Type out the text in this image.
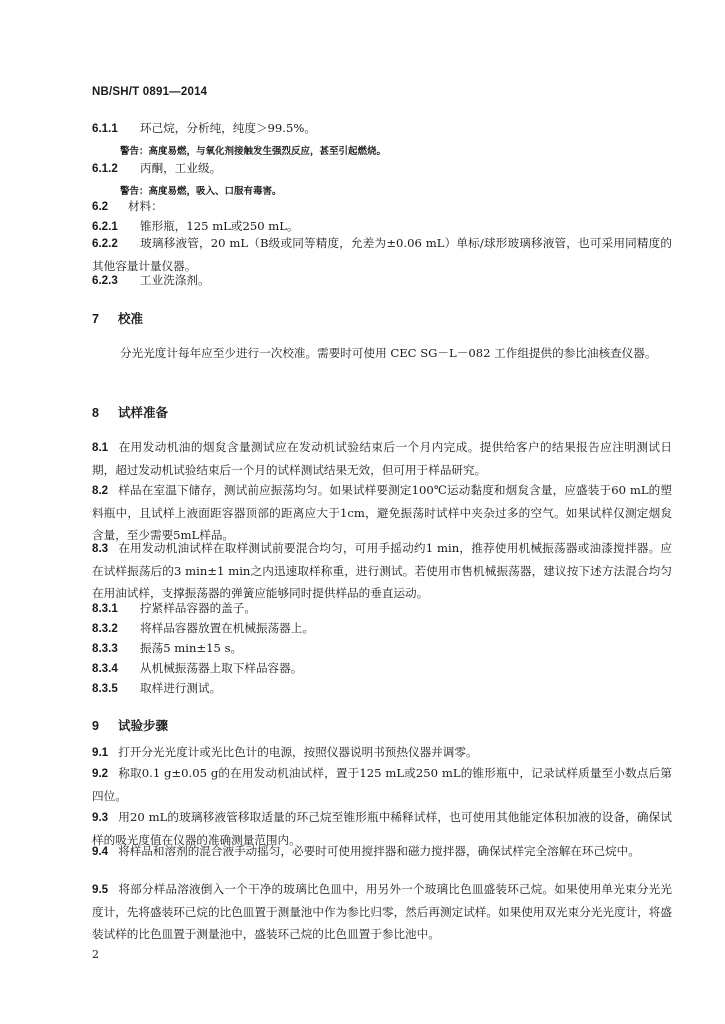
NB/SH/T 0891—2014
6.1.1 环己烷，分析纯，纯度＞99.5%。
警告：高度易燃，与氧化剂接触发生强烈反应，甚至引起燃烧。
6.1.2 丙酮，工业级。
警告：高度易燃，吸入、口服有毒害。
6.2 材料：
6.2.1 锥形瓶，125 mL或250 mL。
6.2.2 玻璃移液管，20 mL（B级或同等精度，允差为±0.06 mL）单标/球形玻璃移液管，也可采用同精度的其他容量计量仪器。
6.2.3 工业洗涤剂。
7 校准
分光光度计每年应至少进行一次校准。需要时可使用 CEC SG－L－082 工作组提供的参比油核查仪器。
8 试样准备
8.1 在用发动机油的烟炱含量测试应在发动机试验结束后一个月内完成。提供给客户的结果报告应注明测试日期，超过发动机试验结束后一个月的试样测试结果无效，但可用于样品研究。
8.2 样品在室温下储存，测试前应振荡均匀。如果试样要测定100℃运动黏度和烟炱含量，应盛装于60 mL的塑料瓶中，且试样上液面距容器顶部的距离应大于1cm，避免振荡时试样中夹杂过多的空气。如果试样仅测定烟炱含量，至少需要5mL样品。
8.3 在用发动机油试样在取样测试前要混合均匀，可用手摇动约1 min，推荐使用机械振荡器或油漆搅拌器。应在试样振荡后的3 min±1 min之内迅速取样称重，进行测试。若使用市售机械振荡器，建议按下述方法混合均匀在用油试样，支撑振荡器的弹簧应能够同时提供样品的垂直运动。
8.3.1 拧紧样品容器的盖子。
8.3.2 将样品容器放置在机械振荡器上。
8.3.3 振荡5 min±15 s。
8.3.4 从机械振荡器上取下样品容器。
8.3.5 取样进行测试。
9 试验步骤
9.1 打开分光光度计或光比色计的电源，按照仪器说明书预热仪器并调零。
9.2 称取0.1 g±0.05 g的在用发动机油试样，置于125 mL或250 mL的锥形瓶中，记录试样质量至小数点后第四位。
9.3 用20 mL的玻璃移液管移取适量的环己烷至锥形瓶中稀释试样，也可使用其他能定体积加液的设备，确保试样的吸光度值在仪器的准确测量范围内。
9.4 将样品和溶剂的混合液手动摇匀，必要时可使用搅拌器和磁力搅拌器，确保试样完全溶解在环己烷中。
9.5 将部分样品溶液倒入一个干净的玻璃比色皿中，用另外一个玻璃比色皿盛装环己烷。如果使用单光束分光光度计，先将盛装环己烷的比色皿置于测量池中作为参比归零，然后再测定试样。如果使用双光束分光光度计，将盛装试样的比色皿置于测量池中，盛装环己烷的比色皿置于参比池中。
2
